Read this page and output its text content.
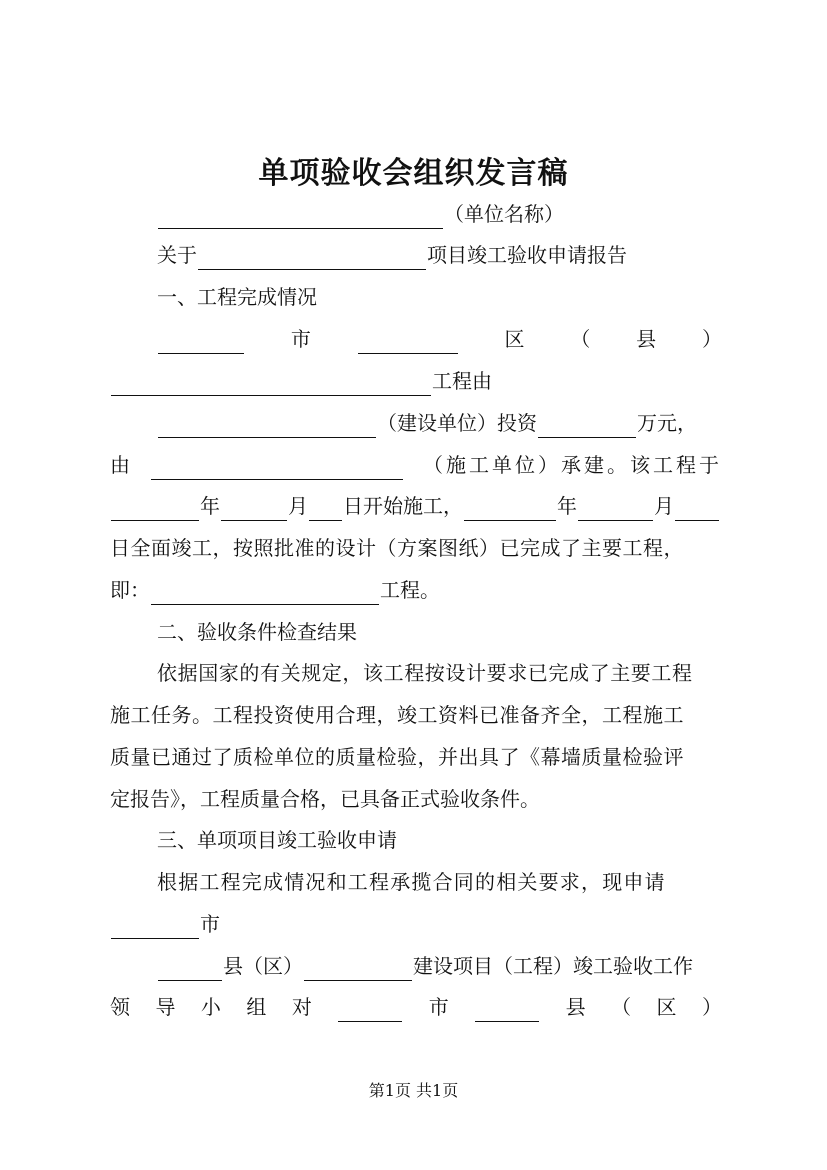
单项验收会组织发言稿
（单位名称）
关于	项目竣工验收申请报告
一、工程完成情况
市	区 （ 县 ）
工程由
（建设单位）投资	万元，
由	（施工单位）承建。该工程于
年	月 日开始施工，	年	月
日全面竣工，按照批准的设计（方案图纸）已完成了主要工程，
即：	工程。
二、验收条件检查结果
依据国家的有关规定，该工程按设计要求已完成了主要工程
施工任务。工程投资使用合理，竣工资料已准备齐全，工程施工
质量已通过了质检单位的质量检验，并出具了《幕墙质量检验评
定报告》，工程质量合格，已具备正式验收条件。
三、单项项目竣工验收申请
根据工程完成情况和工程承揽合同的相关要求，现申请
市
县（区）	建设项目（工程）竣工验收工作
领 导 小 组 对	市	县 （ 区 ）
第1页 共1页
